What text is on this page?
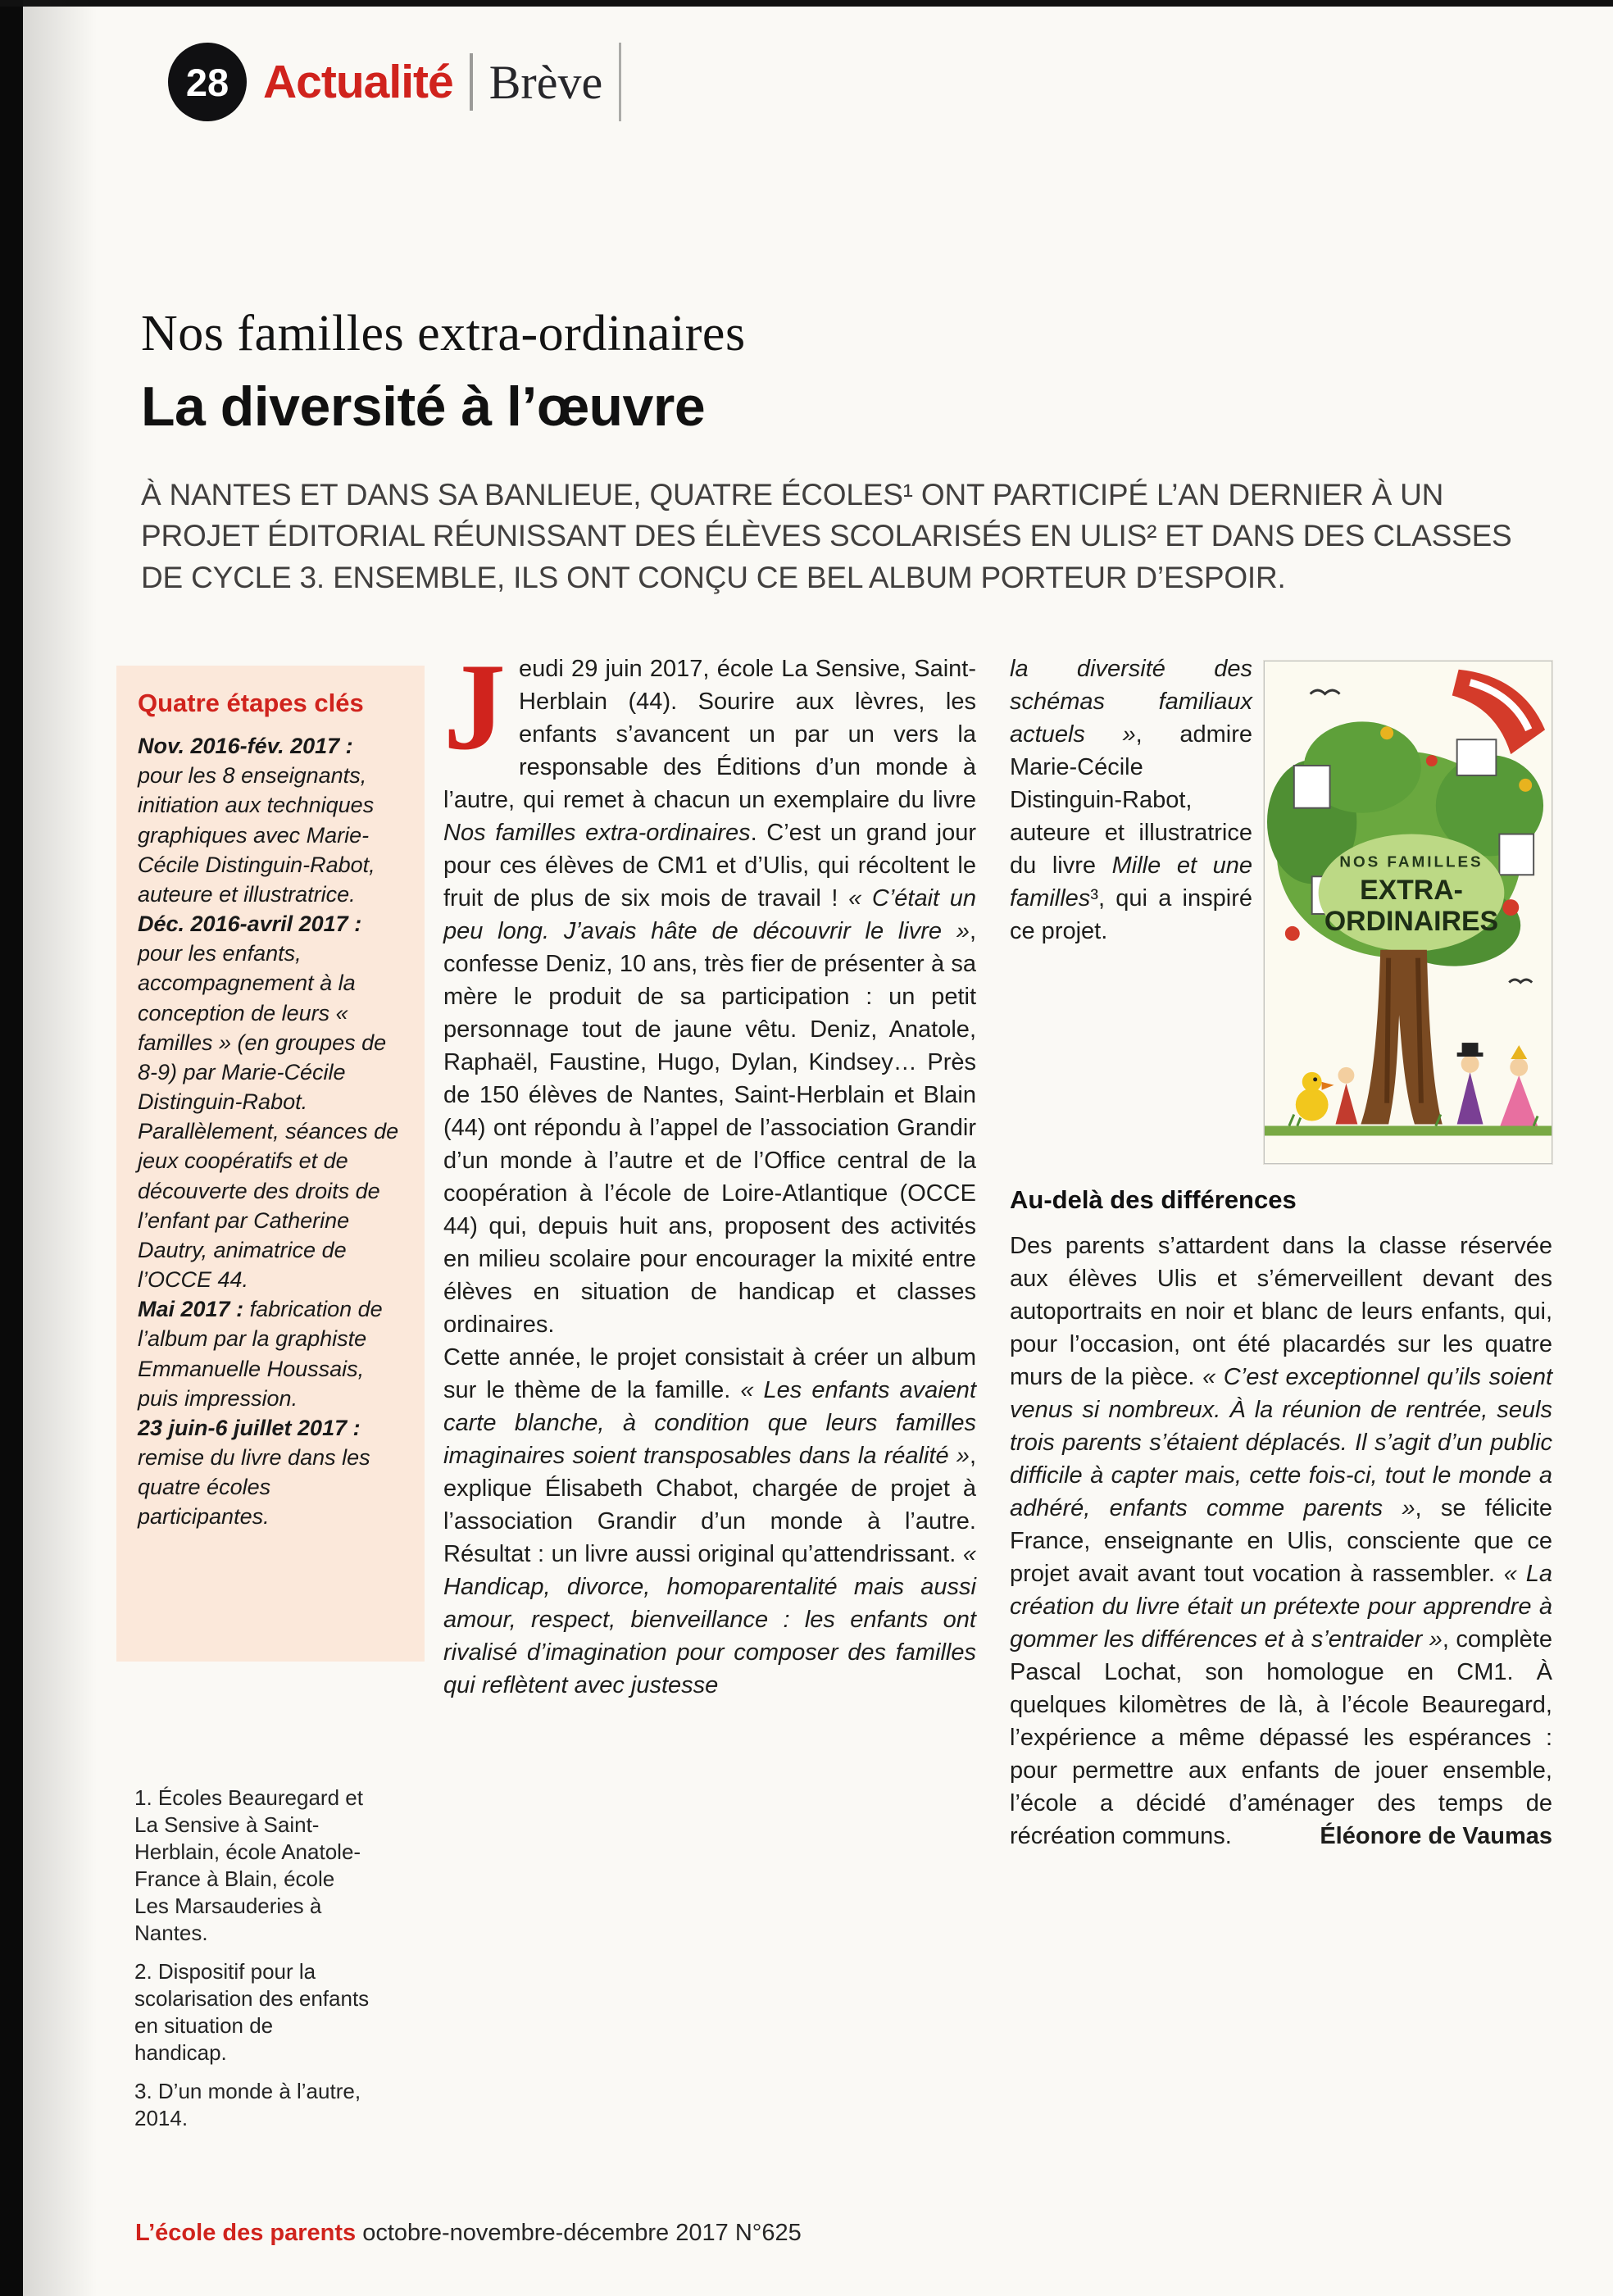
28 Actualité Brève
Nos familles extra-ordinaires
La diversité à l’œuvre
À NANTES ET DANS SA BANLIEUE, QUATRE ÉCOLES¹ ONT PARTICIPÉ L’AN DERNIER À UN PROJET ÉDITORIAL RÉUNISSANT DES ÉLÈVES SCOLARISÉS EN ULIS² ET DANS DES CLASSES DE CYCLE 3. ENSEMBLE, ILS ONT CONÇU CE BEL ALBUM PORTEUR D’ESPOIR.
Quatre étapes clés

Nov. 2016-fév. 2017 : pour les 8 enseignants, initiation aux techniques graphiques avec Marie-Cécile Distinguin-Rabot, auteure et illustratrice.

Déc. 2016-avril 2017 : pour les enfants, accompagnement à la conception de leurs « familles » (en groupes de 8-9) par Marie-Cécile Distinguin-Rabot. Parallèlement, séances de jeux coopératifs et de découverte des droits de l’enfant par Catherine Dautry, animatrice de l’OCCE 44.

Mai 2017 : fabrication de l’album par la graphiste Emmanuelle Houssais, puis impression.

23 juin-6 juillet 2017 : remise du livre dans les quatre écoles participantes.

1. Écoles Beauregard et La Sensive à Saint-Herblain, école Anatole-France à Blain, école Les Marsauderies à Nantes.

2. Dispositif pour la scolarisation des enfants en situation de handicap.

3. D’un monde à l’autre, 2014.

Jeudi 29 juin 2017, école La Sensive, Saint-Herblain (44). Sourire aux lèvres, les enfants s’avancent un par un vers la responsable des Éditions d’un monde à l’autre, qui remet à chacun un exemplaire du livre Nos familles extra-ordinaires. C’est un grand jour pour ces élèves de CM1 et d’Ulis, qui récoltent le fruit de plus de six mois de travail ! « C’était un peu long. J’avais hâte de découvrir le livre », confesse Deniz, 10 ans, très fier de présenter à sa mère le produit de sa participation : un petit personnage tout de jaune vêtu. Deniz, Anatole, Raphaël, Faustine, Hugo, Dylan, Kindsey… Près de 150 élèves de Nantes, Saint-Herblain et Blain (44) ont répondu à l’appel de l’association Grandir d’un monde à l’autre et de l’Office central de la coopération à l’école de Loire-Atlantique (OCCE 44) qui, depuis huit ans, proposent des activités en milieu scolaire pour encourager la mixité entre élèves en situation de handicap et classes ordinaires.

Cette année, le projet consistait à créer un album sur le thème de la famille. « Les enfants avaient carte blanche, à condition que leurs familles imaginaires soient transposables dans la réalité », explique Élisabeth Chabot, chargée de projet à l’association Grandir d’un monde à l’autre. Résultat : un livre aussi original qu’attendrissant. « Handicap, divorce, homoparentalité mais aussi amour, respect, bienveillance : les enfants ont rivalisé d’imagination pour composer des familles qui reflètent avec justesse

NOS FAMILLES
EXTRA-
ORDINAIRES

la diversité des schémas familiaux actuels », admire Marie-Cécile Distinguin-Rabot, auteure et illustratrice du livre Mille et une familles³, qui a inspiré ce projet.

Au-delà des différences

Des parents s’attardent dans la classe réservée aux élèves Ulis et s’émerveillent devant des autoportraits en noir et blanc de leurs enfants, qui, pour l’occasion, ont été placardés sur les quatre murs de la pièce. « C’est exceptionnel qu’ils soient venus si nombreux. À la réunion de rentrée, seuls trois parents s’étaient déplacés. Il s’agit d’un public difficile à capter mais, cette fois-ci, tout le monde a adhéré, enfants comme parents », se félicite France, enseignante en Ulis, consciente que ce projet avait avant tout vocation à rassembler. « La création du livre était un prétexte pour apprendre à gommer les différences et à s’entraider », complète Pascal Lochat, son homologue en CM1. À quelques kilomètres de là, à l’école Beauregard, l’expérience a même dépassé les espérances : pour permettre aux enfants de jouer ensemble, l’école a décidé d’aménager des temps de récréation communs.	Éléonore de Vaumas

L’école des parents octobre-novembre-décembre 2017 N°625
